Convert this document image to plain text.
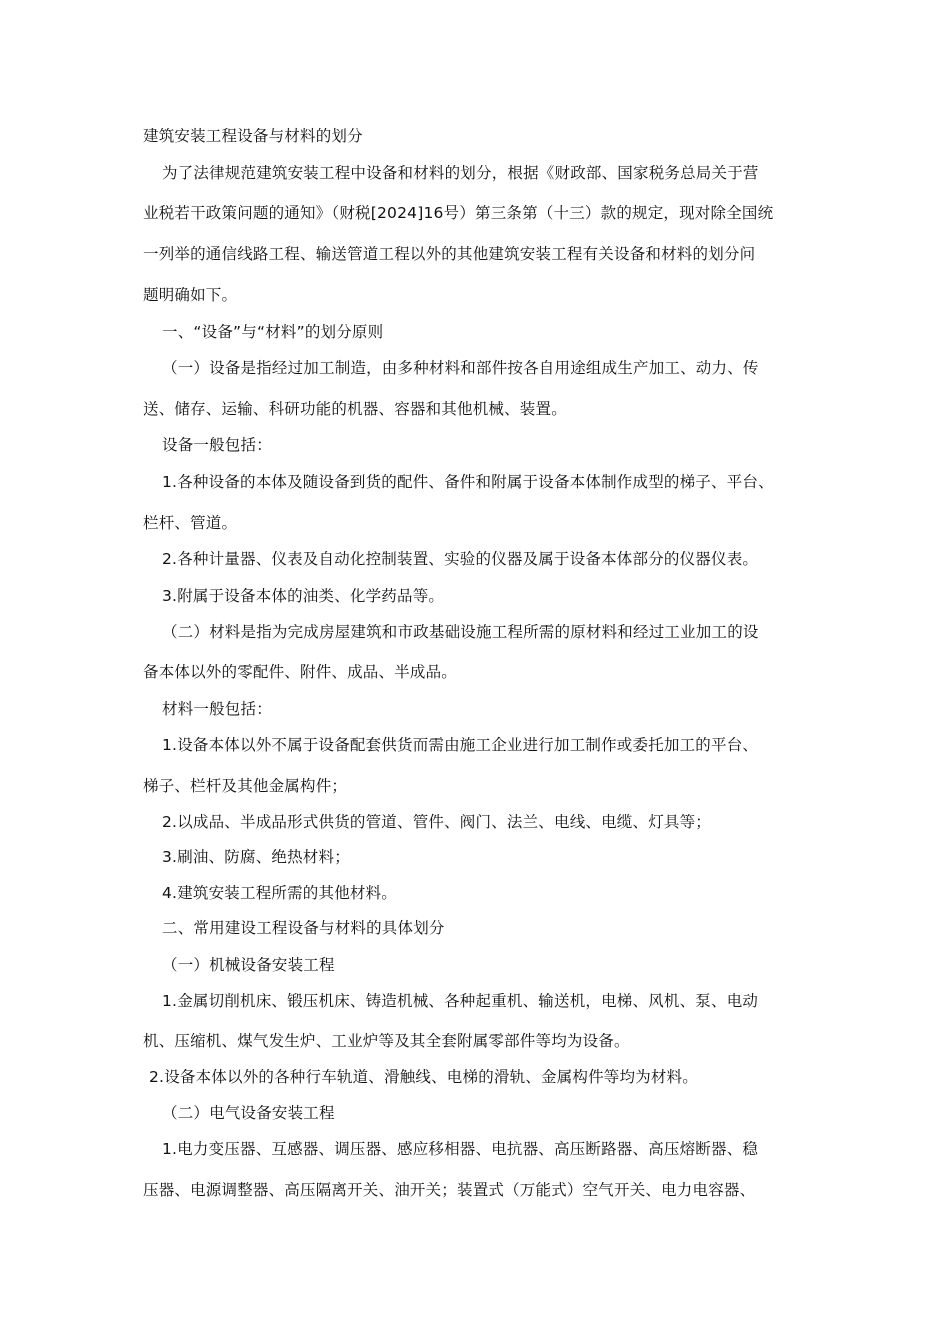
建筑安装工程设备与材料的划分
为了法律规范建筑安装工程中设备和材料的划分，根据《财政部、国家税务总局关于营
业税若干政策问题的通知》（财税[2024]16号）第三条第（十三）款的规定，现对除全国统
一列举的通信线路工程、输送管道工程以外的其他建筑安装工程有关设备和材料的划分问
题明确如下。
一、“设备”与“材料”的划分原则
（一）设备是指经过加工制造，由多种材料和部件按各自用途组成生产加工、动力、传
送、储存、运输、科研功能的机器、容器和其他机械、装置。
设备一般包括：
1.各种设备的本体及随设备到货的配件、备件和附属于设备本体制作成型的梯子、平台、
栏杆、管道。
2.各种计量器、仪表及自动化控制装置、实验的仪器及属于设备本体部分的仪器仪表。
3.附属于设备本体的油类、化学药品等。
（二）材料是指为完成房屋建筑和市政基础设施工程所需的原材料和经过工业加工的设
备本体以外的零配件、附件、成品、半成品。
材料一般包括：
1.设备本体以外不属于设备配套供货而需由施工企业进行加工制作或委托加工的平台、
梯子、栏杆及其他金属构件；
2.以成品、半成品形式供货的管道、管件、阀门、法兰、电线、电缆、灯具等；
3.刷油、防腐、绝热材料；
4.建筑安装工程所需的其他材料。
二、常用建设工程设备与材料的具体划分
（一）机械设备安装工程
1.金属切削机床、锻压机床、铸造机械、各种起重机、输送机，电梯、风机、泵、电动
机、压缩机、煤气发生炉、工业炉等及其全套附属零部件等均为设备。
2.设备本体以外的各种行车轨道、滑触线、电梯的滑轨、金属构件等均为材料。
（二）电气设备安装工程
1.电力变压器、互感器、调压器、感应移相器、电抗器、高压断路器、高压熔断器、稳
压器、电源调整器、高压隔离开关、油开关；装置式（万能式）空气开关、电力电容器、
